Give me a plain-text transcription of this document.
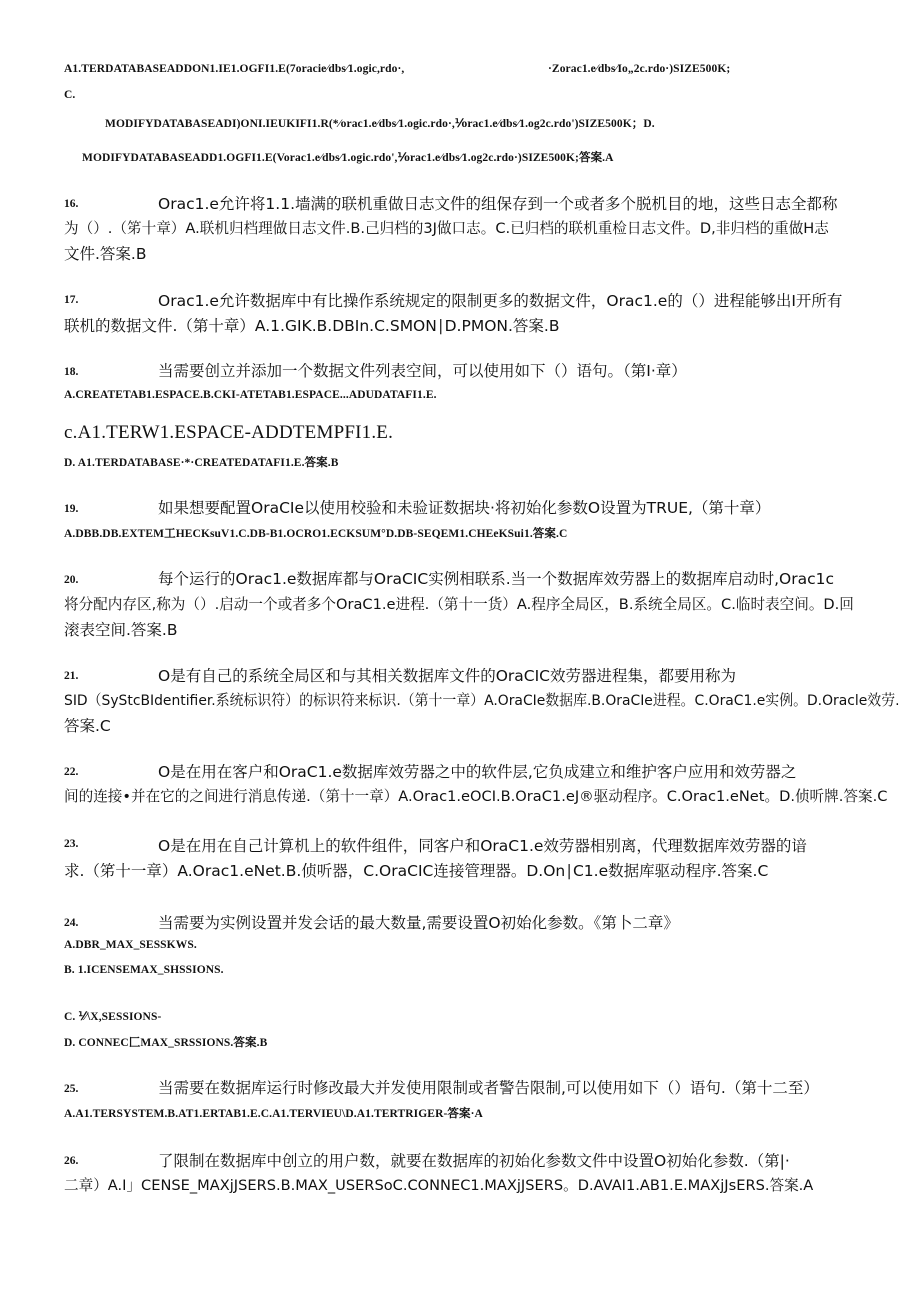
A1.TERDATABASEADDON1.IE1.OGFI1.E(7oracie⁄dbs⁄1.ogic,rdo·,	·Zorac1.e⁄dbs⁄Io„2c.rdo·)SIZE500K;
C.
MODIFYDATABASEADI)ONI.IEUKIFI1.R(*⁄orac1.e⁄dbs⁄1.ogic.rdo·,⅟orac1.e⁄dbs⁄1.og2c.rdo')SIZE500K；D.
MODIFYDATABASEADD1.OGFI1.E(Vorac1.e⁄dbs⁄1.ogic.rdo',⅟orac1.e⁄dbs⁄1.og2c.rdo·)SIZE500K;答案.A
16.	Orac1.e允许将1.1.墙满的联机重做日志文件的组保存到一个或者多个脱机目的地，这些日志全都称
为（）.（笫十章）A.联机归档理做日志文件.B.己归档的3J做口志。C.已归档的联机重检日志文件。D,非归档的重做H志
文件.答案.B
17.	Orac1.e允许数据库中有比操作系统规定的限制更多的数据文件，Orac1.e的（）进程能够出I开所有
联机的数据文件.（第十章）A.1.GIK.B.DBIn.C.SMON∣D.PMON.答案.B
18.	当需要创立并添加一个数据文件列表空间，可以使用如下（）语句。（第I·章）
A.CREATETAB1.ESPACE.B.CKI-ATETAB1.ESPACE...ADUDATAFI1.E.
c.A1.TERW1.ESPACE-ADDTEMPFI1.E.
D. A1.TERDATABASE·*·CREATEDATAFI1.E.答案.B
19.	如果想要配置OraCIe以使用校验和未验证数据块·将初始化参数O设置为TRUE,（第十章）
A.DBB.DB.EXTEM工HECKsuV1.C.DB-B1.OCRO1.ECKSUM°D.DB-SEQEM1.CHEeKSui1.答案.C
20.	每个运行的Orac1.e数据库都与OraCIC实例相联系.当一个数据库效劳器上的数据库启动时,Orac1c
将分配内存区,称为（）.启动一个或者多个OraC1.e进程.（第十一货）A.程序全局区，B.系统全局区。C.临时表空间。D.回
滚表空间.答案.B
21.	O是有自己的系统全局区和与其相关数据库文件的OraCIC效劳器进程集，都要用称为
SID（SyStcBIdentifier.系统标识符）的标识符来标识.（第十一章）A.OraCIe数据库.B.OraCIe进程。C.OraC1.e实例。D.Oracle效劳.
答案.C
22.	O是在用在客户和OraC1.e数据库效劳器之中的软件层,它负成建立和维护客户应用和效劳器之
间的连接•并在它的之间进行消息传递.（第十一章）A.Orac1.eOCI.B.OraC1.eJ®驱动程序。C.Orac1.eNet。D.侦听牌.答案.C
23.	O是在用在自己计算机上的软件组件，同客户和OraC1.e效劳器相别离，代理数据库效劳器的谙
求.（笫十一章）A.Orac1.eNet.B.侦听器，C.OraCIC连接管理器。D.On∣C1.e数据库驱动程序.答案.C
24.	当需要为实例设置并发会话的最大数量,需要设置O初始化参数。《第卜二章》
A.DBR_MAX_SESSKWS.
B. 1.ICENSEMAX_SHSSIONS.
C. ⅟⁄\X,SESSIONS-
D. CONNEC匚MAX_SRSSIONS.答案.B
25.	当需要在数据库运行时修改最大并发使用限制或者警告限制,可以使用如下（）语句.（第十二至）
A.A1.TERSYSTEM.B.AT1.ERTAB1.E.C.A1.TERVIEU\D.A1.TERTRIGER-答案·A
26.	了限制在数据库中创立的用户数，就要在数据库的初始化参数文件中设置O初始化参数.（第|·
二章）A.I」CENSE_MAXjJSERS.B.MAX_USERSoC.CONNEC1.MAXjJSERS。D.AVAI1.AB1.E.MAXjJsERS.答案.A
